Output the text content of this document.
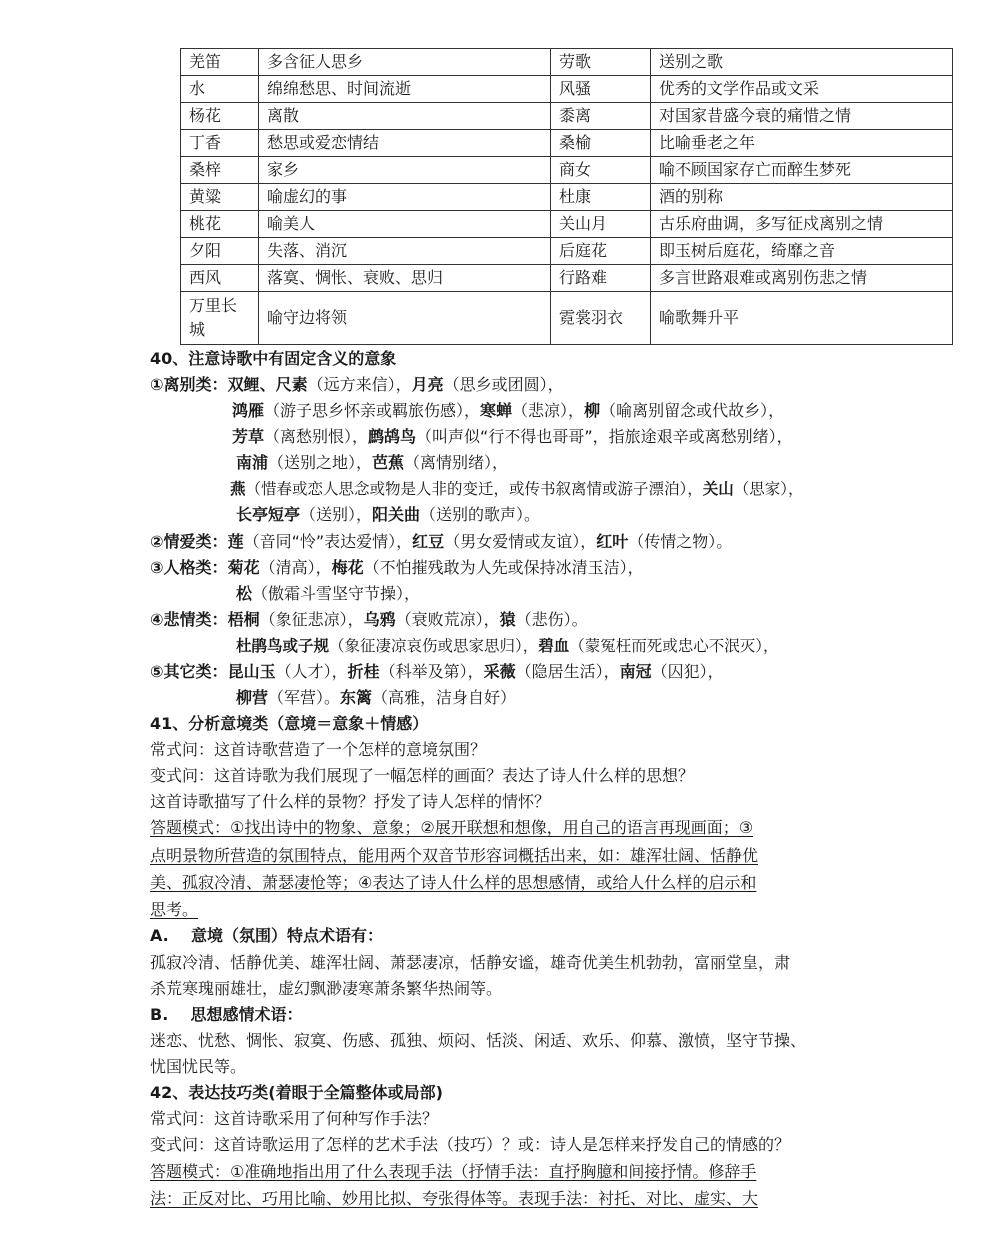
羌笛	多含征人思乡	劳歌	送别之歌
水	绵绵愁思、时间流逝	风骚	优秀的文学作品或文采
杨花	离散	黍离	对国家昔盛今衰的痛惜之情
丁香	愁思或爱恋情结	桑榆	比喻垂老之年
桑梓	家乡	商女	喻不顾国家存亡而醉生梦死
黄粱	喻虚幻的事	杜康	酒的别称
桃花	喻美人	关山月	古乐府曲调，多写征戍离别之情
夕阳	失落、消沉	后庭花	即玉树后庭花，绮靡之音
西风	落寞、惆怅、衰败、思归	行路难	多言世路艰难或离别伤悲之情
万里长城	喻守边将领	霓裳羽衣	喻歌舞升平
40、注意诗歌中有固定含义的意象
①离别类：双鲤、尺素（远方来信），月亮（思乡或团圆），
鸿雁（游子思乡怀亲或羁旅伤感），寒蝉（悲凉），柳（喻离别留念或代故乡），
芳草（离愁别恨），鹧鸪鸟（叫声似“行不得也哥哥”，指旅途艰辛或离愁别绪），
南浦（送别之地），芭蕉（离情别绪），
燕（惜春或恋人思念或物是人非的变迁，或传书叙离情或游子漂泊），关山（思家），
长亭短亭（送别），阳关曲（送别的歌声）。
②情爱类：莲（音同“怜”表达爱情），红豆（男女爱情或友谊），红叶（传情之物）。
③人格类：菊花（清高），梅花（不怕摧残敢为人先或保持冰清玉洁），
松（傲霜斗雪坚守节操），
④悲情类：梧桐（象征悲凉），乌鸦（衰败荒凉），猿（悲伤）。
杜鹃鸟或子规（象征凄凉哀伤或思家思归），碧血（蒙冤枉而死或忠心不泯灭），
⑤其它类：昆山玉（人才），折桂（科举及第），采薇（隐居生活），南冠（囚犯），
柳营（军营）。东篱（高雅，洁身自好）
41、分析意境类（意境＝意象＋情感）
常式问：这首诗歌营造了一个怎样的意境氛围？
变式问：这首诗歌为我们展现了一幅怎样的画面？表达了诗人什么样的思想？
这首诗歌描写了什么样的景物？抒发了诗人怎样的情怀？
答题模式：①找出诗中的物象、意象；②展开联想和想像，用自己的语言再现画面；③
点明景物所营造的氛围特点，能用两个双音节形容词概括出来，如：雄浑壮阔、恬静优
美、孤寂冷清、萧瑟凄怆等；④表达了诗人什么样的思想感情，或给人什么样的启示和
思考。
A.    意境（氛围）特点术语有：
孤寂冷清、恬静优美、雄浑壮阔、萧瑟凄凉，恬静安谧，雄奇优美生机勃勃，富丽堂皇，肃
杀荒寒瑰丽雄壮，虚幻飘渺凄寒萧条繁华热闹等。
B.    思想感情术语：
迷恋、忧愁、惆怅、寂寞、伤感、孤独、烦闷、恬淡、闲适、欢乐、仰慕、激愤，坚守节操、
忧国忧民等。
42、表达技巧类(着眼于全篇整体或局部)
常式问：这首诗歌采用了何种写作手法？
变式问：这首诗歌运用了怎样的艺术手法（技巧）？或：诗人是怎样来抒发自己的情感的？
答题模式：①准确地指出用了什么表现手法（抒情手法：直抒胸臆和间接抒情。修辞手
法：正反对比、巧用比喻、妙用比拟、夸张得体等。表现手法：衬托、对比、虚实、大
